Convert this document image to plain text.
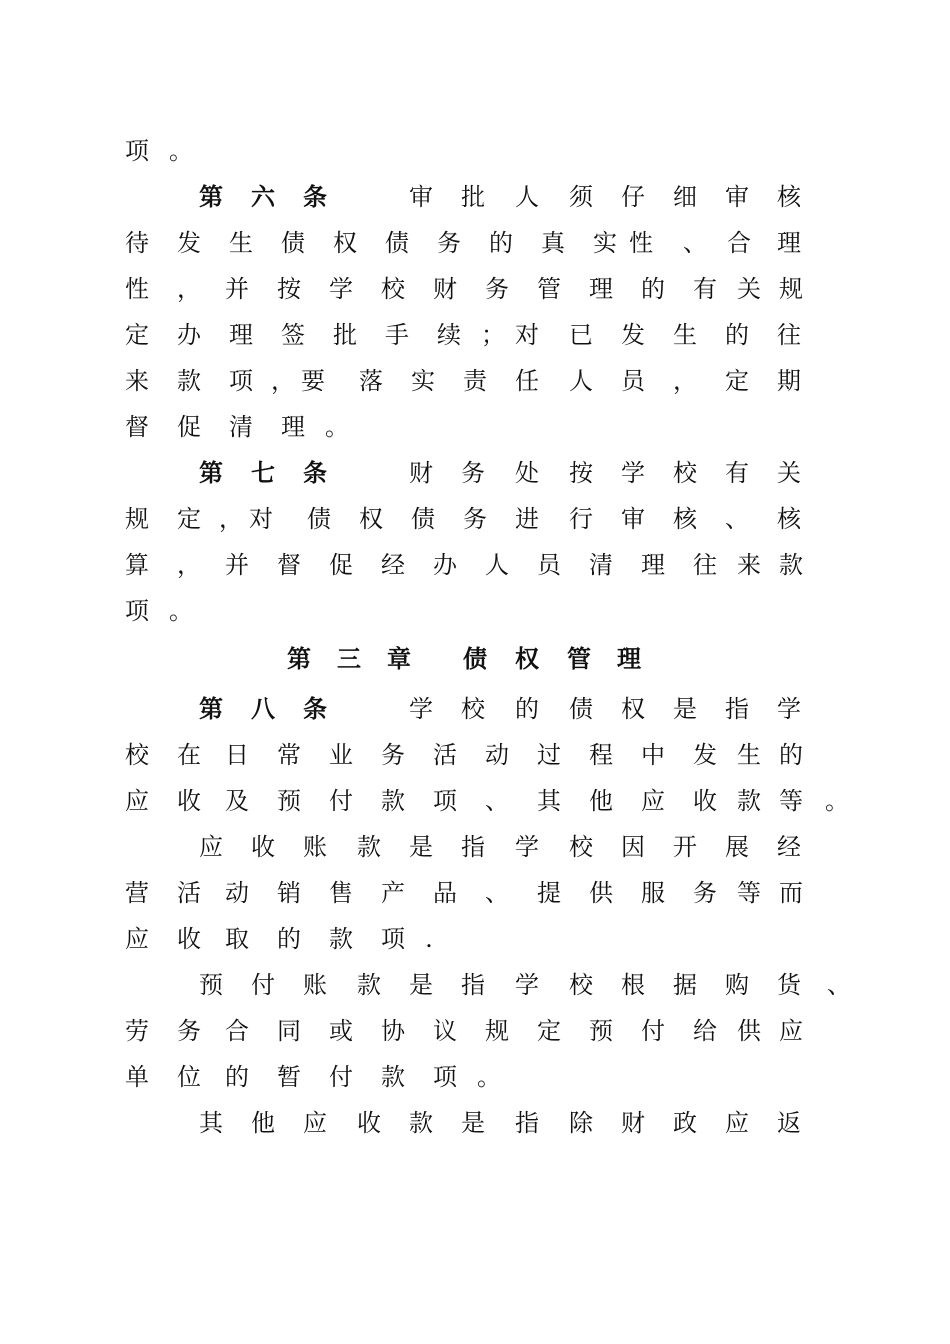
项 。
第 六 条	审 批 人 须 仔 细 审 核
待 发 生 债 权 债 务 的 真 实 性 、 合 理
性 ， 并 按 学 校 财 务 管 理 的 有 关 规
定 办 理 签 批 手 续 ； 对 已 发 生 的 往
来 款 项 ， 要 落 实 责 任 人 员 ， 定 期
督 促 清 理 。
第 七 条	财 务 处 按 学 校 有 关
规 定 ， 对 债 权 债 务 进 行 审 核 、 核
算 ， 并 督 促 经 办 人 员 清 理 往 来 款
项 。
第 三 章 债 权 管 理
第 八 条	学 校 的 债 权 是 指 学
校 在 日 常 业 务 活 动 过 程 中 发 生 的
应 收 及 预 付 款 项 、 其 他 应 收 款 等 。
应 收 账 款 是 指 学 校 因 开 展 经
营 活 动 销 售 产 品 、 提 供 服 务 等 而
应 收 取 的 款 项 .
预 付 账 款 是 指 学 校 根 据 购 货 、
劳 务 合 同 或 协 议 规 定 预 付 给 供 应
单 位 的 暂 付 款 项 。
其 他 应 收 款 是 指 除 财 政 应 返
